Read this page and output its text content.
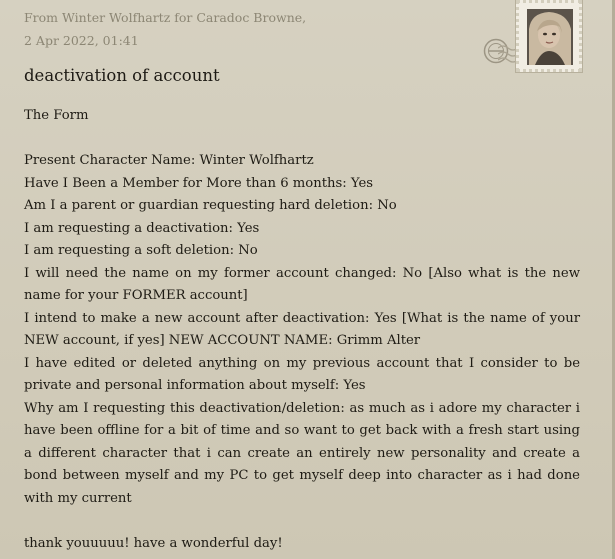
From Winter Wolfhartz for Caradoc Browne,
2 Apr 2022, 01:41
deactivation of account

The Form

Present Character Name: Winter Wolfhartz

Have I Been a Member for More than 6 months: Yes

Am I a parent or guardian requesting hard deletion: No

I am requesting a deactivation: Yes

I am requesting a soft deletion: No

I will need the name on my former account changed: No [Also what is the new name for your FORMER account]

I intend to make a new account after deactivation: Yes [What is the name of your NEW account, if yes] NEW ACCOUNT NAME: Grimm Alter

I have edited or deleted anything on my previous account that I consider to be private and personal information about myself: Yes

Why am I requesting this deactivation/deletion: as much as i adore my character i have been offline for a bit of time and so want to get back with a fresh start using a different character that i can create an entirely new personality and create a bond between myself and my PC to get myself deep into character as i had done with my current

thank youuuuu! have a wonderful day!
